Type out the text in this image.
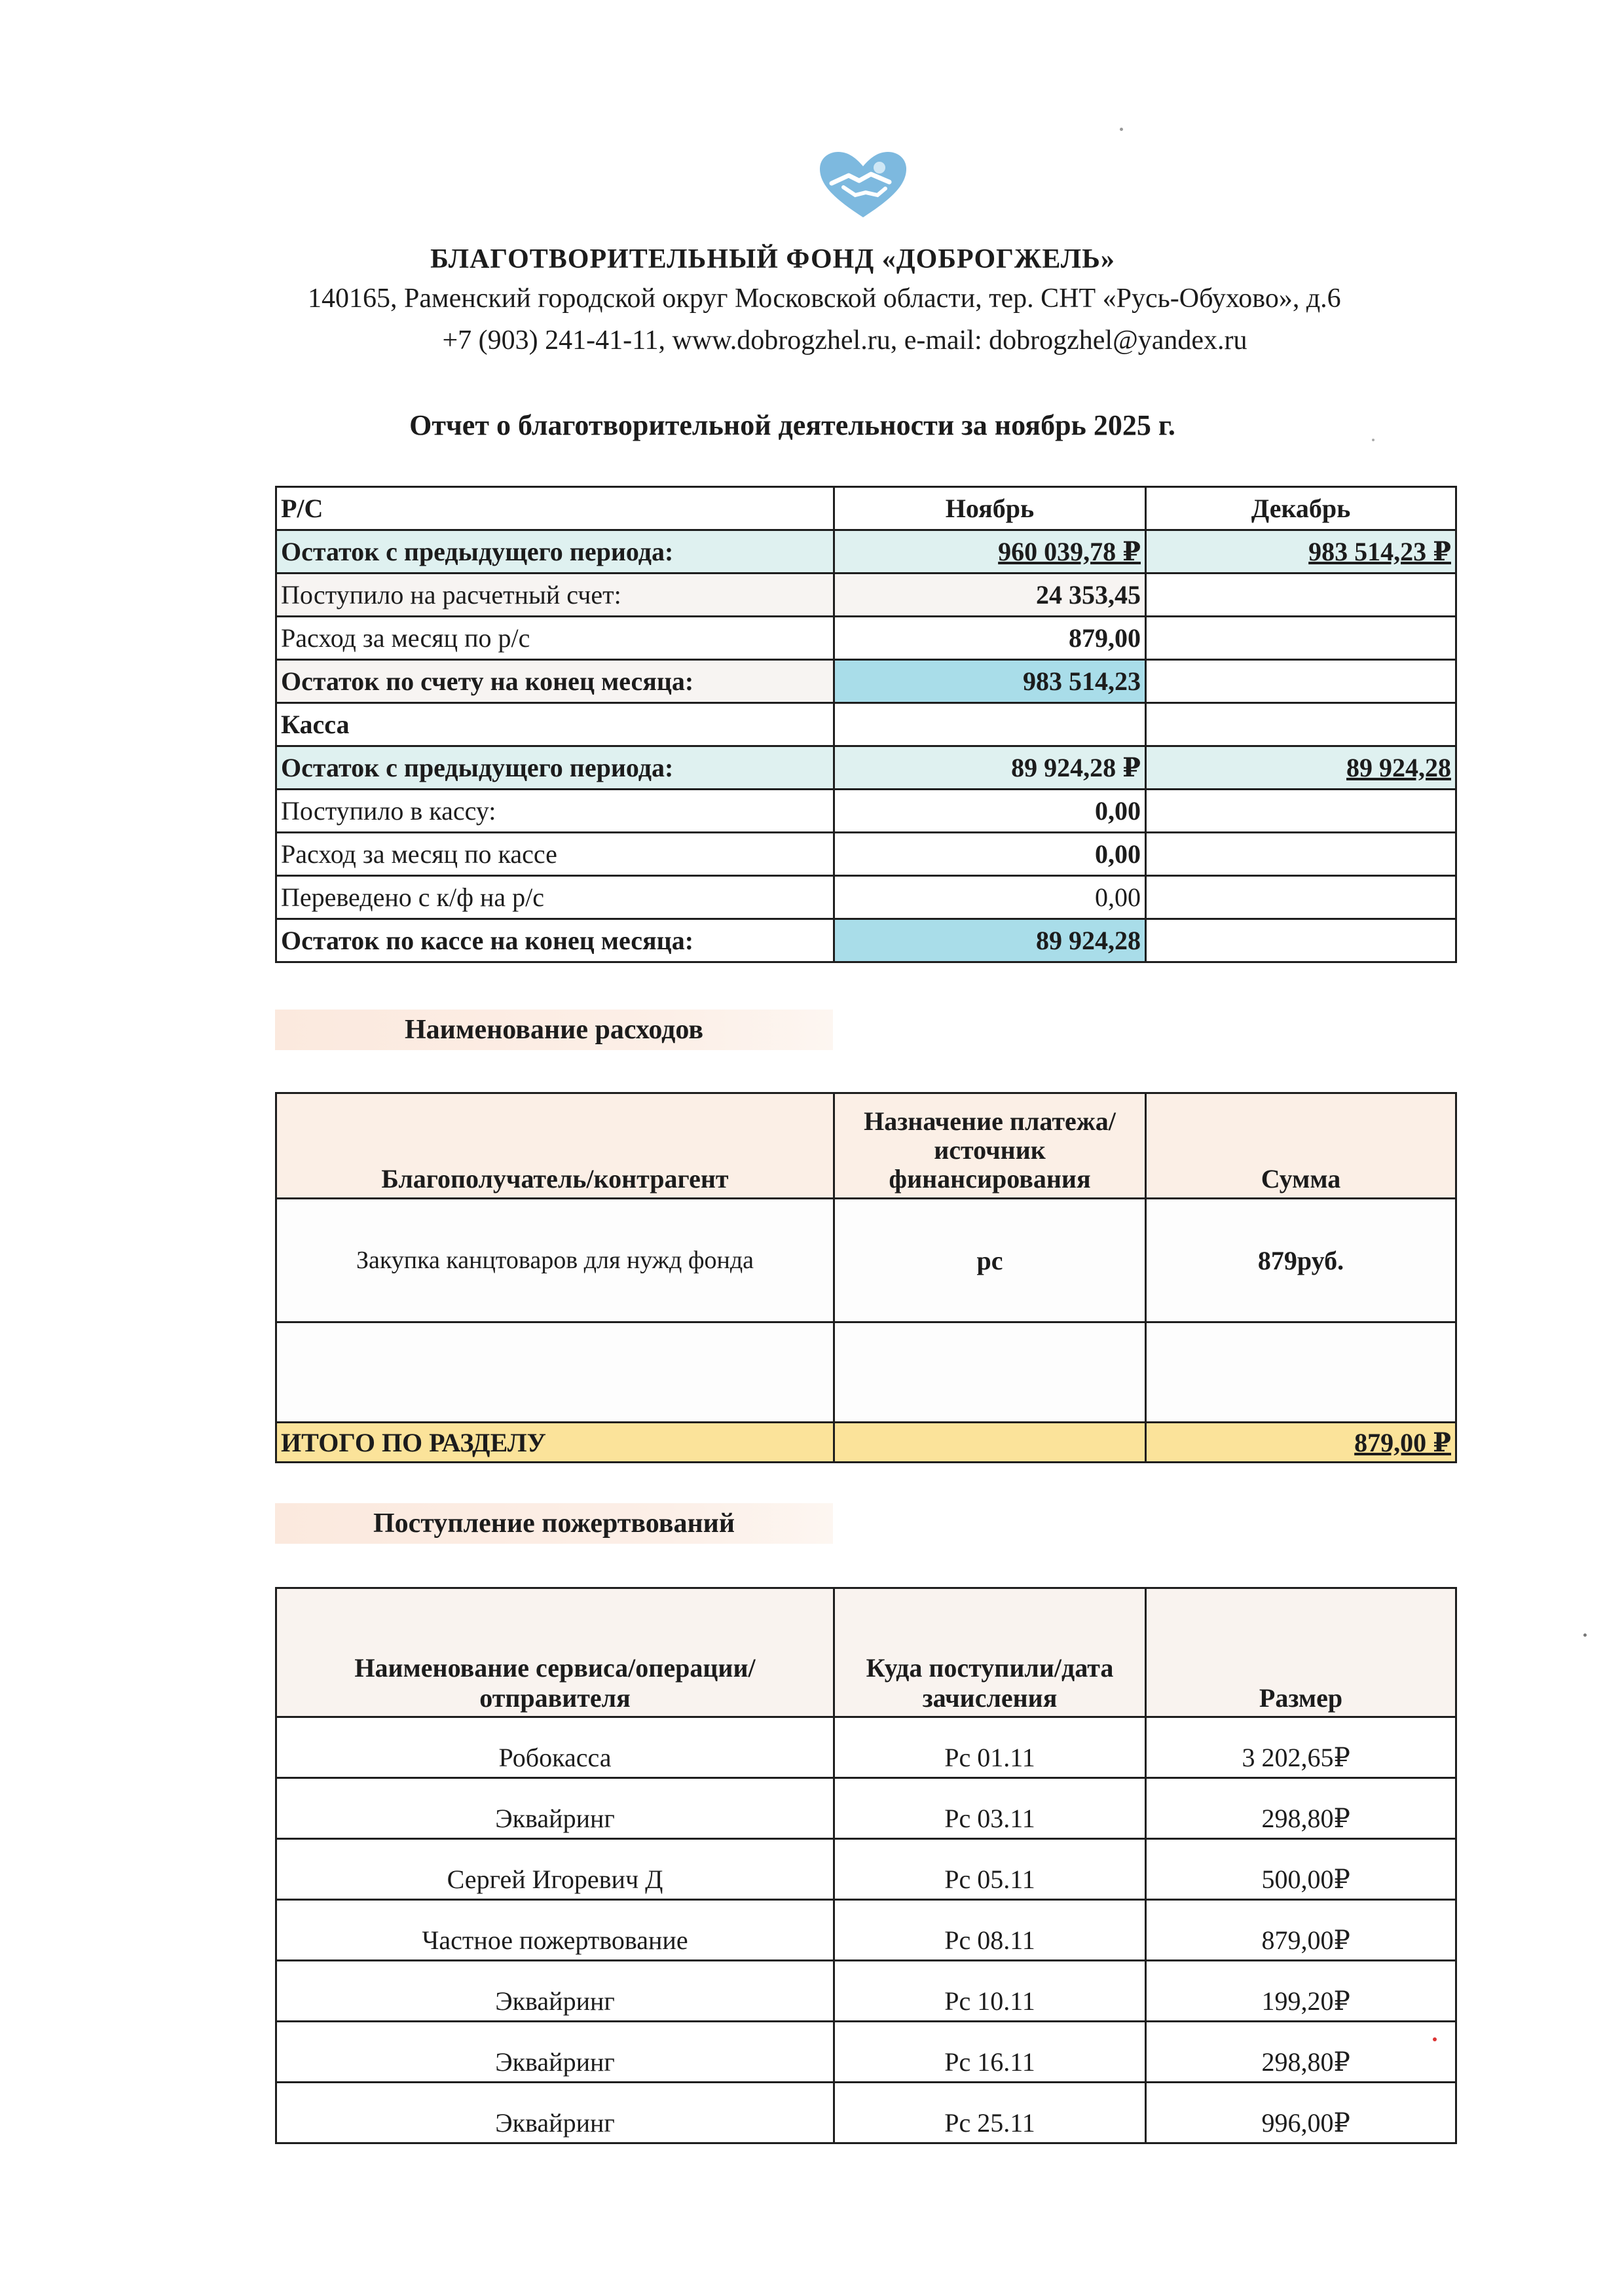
БЛАГОТВОРИТЕЛЬНЫЙ ФОНД «ДОБРОГЖЕЛЬ»
140165, Раменский городской округ Московской области, тер. СНТ «Русь-Обухово», д.6
+7 (903) 241-41-11, www.dobrogzhel.ru, e-mail: dobrogzhel@yandex.ru
Отчет о благотворительной деятельности за ноябрь 2025 г.
Р/С	Ноябрь	Декабрь
Остаток с предыдущего периода:	960 039,78 ₽	983 514,23 ₽
Поступило на расчетный счет:	24 353,45	
Расход за месяц по р/с	879,00	
Остаток по счету на конец месяца:	983 514,23	
Касса		
Остаток с предыдущего периода:	89 924,28 ₽	89 924,28
Поступило в кассу:	0,00	
Расход за месяц по кассе	0,00	
Переведено с к/ф на р/с	0,00	
Остаток по кассе на конец месяца:	89 924,28	
Наименование расходов
Благополучатель/контрагент	Назначение платежа/ источник финансирования	Сумма
Закупка канцтоваров для нужд фонда	рс	879руб.

ИТОГО ПО РАЗДЕЛУ		879,00 ₽
Поступление пожертвований
Наименование сервиса/операции/отправителя	Куда поступили/дата зачисления	Размер
Робокасса	Рс 01.11	3 202,65₽
Эквайринг	Рс 03.11	298,80₽
Сергей Игоревич Д	Рс 05.11	500,00₽
Частное пожертвование	Рс 08.11	879,00₽
Эквайринг	Рс 10.11	199,20₽
Эквайринг	Рс 16.11	298,80₽
Эквайринг	Рс 25.11	996,00₽
